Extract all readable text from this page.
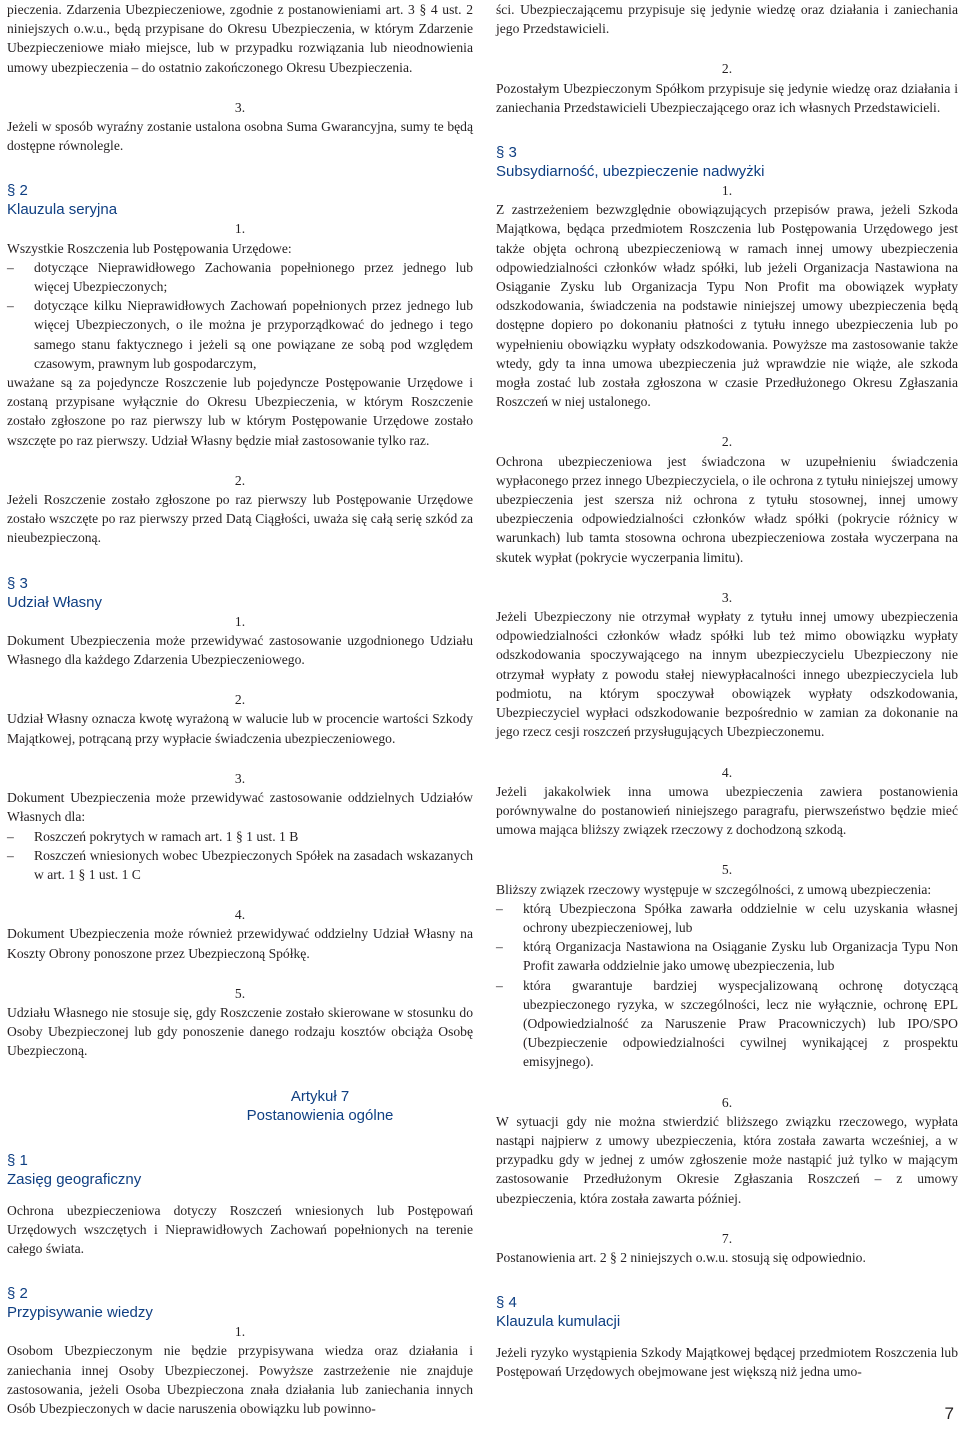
pieczenia. Zdarzenia Ubezpieczeniowe, zgodnie z postanowieniami art. 3 § 4 ust. 2 niniejszych o.w.u., będą przypisane do Okresu Ubezpieczenia, w którym Zdarzenie Ubezpieczeniowe miało miejsce, lub w przypadku rozwiązania lub nieodnowienia umowy ubezpieczenia – do ostatnio zakończonego Okresu Ubezpieczenia.

3.

Jeżeli w sposób wyraźny zostanie ustalona osobna Suma Gwarancyjna, sumy te będą dostępne równolegle.

§ 2

Klauzula seryjna

1.

Wszystkie Roszczenia lub Postępowania Urzędowe:

– dotyczące Nieprawidłowego Zachowania popełnionego przez jednego lub więcej Ubezpieczonych;
– dotyczące kilku Nieprawidłowych Zachowań popełnionych przez jednego lub więcej Ubezpieczonych, o ile można je przyporządkować do jednego i tego samego stanu faktycznego i jeżeli są one powiązane ze sobą pod względem czasowym, prawnym lub gospodarczym,

uważane są za pojedyncze Roszczenie lub pojedyncze Postępowanie Urzędowe i zostaną przypisane wyłącznie do Okresu Ubezpieczenia, w którym Roszczenie zostało zgłoszone po raz pierwszy lub w którym Postępowanie Urzędowe zostało wszczęte po raz pierwszy. Udział Własny będzie miał zastosowanie tylko raz.

2.

Jeżeli Roszczenie zostało zgłoszone po raz pierwszy lub Postępowanie Urzędowe zostało wszczęte po raz pierwszy przed Datą Ciągłości, uważa się całą serię szkód za nieubezpieczoną.

§ 3

Udział Własny

1.

Dokument Ubezpieczenia może przewidywać zastosowanie uzgodnionego Udziału Własnego dla każdego Zdarzenia Ubezpieczeniowego.

2.

Udział Własny oznacza kwotę wyrażoną w walucie lub w procencie wartości Szkody Majątkowej, potrącaną przy wypłacie świadczenia ubezpieczeniowego.

3.

Dokument Ubezpieczenia może przewidywać zastosowanie oddzielnych Udziałów Własnych dla:

– Roszczeń pokrytych w ramach art. 1 § 1 ust. 1 B
– Roszczeń wniesionych wobec Ubezpieczonych Spółek na zasadach wskazanych w art. 1 § 1 ust. 1 C

4.

Dokument Ubezpieczenia może również przewidywać oddzielny Udział Własny na Koszty Obrony ponoszone przez Ubezpieczoną Spółkę.

5.

Udziału Własnego nie stosuje się, gdy Roszczenie zostało skierowane w stosunku do Osoby Ubezpieczonej lub gdy ponoszenie danego rodzaju kosztów obciąża Osobę Ubezpieczoną.

Artykuł 7

Postanowienia ogólne

§ 1

Zasięg geograficzny

Ochrona ubezpieczeniowa dotyczy Roszczeń wniesionych lub Postępowań Urzędowych wszczętych i Nieprawidłowych Zachowań popełnionych na terenie całego świata.

§ 2

Przypisywanie wiedzy

1.

Osobom Ubezpieczonym nie będzie przypisywana wiedza oraz działania i zaniechania innej Osoby Ubezpieczonej. Powyższe zastrzeżenie nie znajduje zastosowania, jeżeli Osoba Ubezpieczona znała działania lub zaniechania innych Osób Ubezpieczonych w dacie naruszenia obowiązku lub powinno-

ści. Ubezpieczającemu przypisuje się jedynie wiedzę oraz działania i zaniechania jego Przedstawicieli.

2.

Pozostałym Ubezpieczonym Spółkom przypisuje się jedynie wiedzę oraz działania i zaniechania Przedstawicieli Ubezpieczającego oraz ich własnych Przedstawicieli.

§ 3

Subsydiarność, ubezpieczenie nadwyżki

1.

Z zastrzeżeniem bezwzględnie obowiązujących przepisów prawa, jeżeli Szkoda Majątkowa, będąca przedmiotem Roszczenia lub Postępowania Urzędowego jest także objęta ochroną ubezpieczeniową w ramach innej umowy ubezpieczenia odpowiedzialności członków władz spółki, lub jeżeli Organizacja Nastawiona na Osiąganie Zysku lub Organizacja Typu Non Profit ma obowiązek wypłaty odszkodowania, świadczenia na podstawie niniejszej umowy ubezpieczenia będą dostępne dopiero po dokonaniu płatności z tytułu innego ubezpieczenia lub po wypełnieniu obowiązku wypłaty odszkodowania. Powyższe ma zastosowanie także wtedy, gdy ta inna umowa ubezpieczenia już wprawdzie nie wiąże, ale szkoda mogła zostać lub została zgłoszona w czasie Przedłużonego Okresu Zgłaszania Roszczeń w niej ustalonego.

2.

Ochrona ubezpieczeniowa jest świadczona w uzupełnieniu świadczenia wypłaconego przez innego Ubezpieczyciela, o ile ochrona z tytułu niniejszej umowy ubezpieczenia jest szersza niż ochrona z tytułu stosownej, innej umowy ubezpieczenia odpowiedzialności członków władz spółki (pokrycie różnicy w warunkach) lub tamta stosowna ochrona ubezpieczeniowa została wyczerpana na skutek wypłat (pokrycie wyczerpania limitu).

3.

Jeżeli Ubezpieczony nie otrzymał wypłaty z tytułu innej umowy ubezpieczenia odpowiedzialności członków władz spółki lub też mimo obowiązku wypłaty odszkodowania spoczywającego na innym ubezpieczycielu Ubezpieczony nie otrzymał wypłaty z powodu stałej niewypłacalności innego ubezpieczyciela lub podmiotu, na którym spoczywał obowiązek wypłaty odszkodowania, Ubezpieczyciel wypłaci odszkodowanie bezpośrednio w zamian za dokonanie na jego rzecz cesji roszczeń przysługujących Ubezpieczonemu.

4.

Jeżeli jakakolwiek inna umowa ubezpieczenia zawiera postanowienia porównywalne do postanowień niniejszego paragrafu, pierwszeństwo będzie mieć umowa mająca bliższy związek rzeczowy z dochodzoną szkodą.

5.

Bliższy związek rzeczowy występuje w szczególności, z umową ubezpieczenia:

– którą Ubezpieczona Spółka zawarła oddzielnie w celu uzyskania własnej ochrony ubezpieczeniowej, lub
– którą Organizacja Nastawiona na Osiąganie Zysku lub Organizacja Typu Non Profit zawarła oddzielnie jako umowę ubezpieczenia, lub
– która gwarantuje bardziej wyspecjalizowaną ochronę dotyczącą ubezpieczonego ryzyka, w szczególności, lecz nie wyłącznie, ochronę EPL (Odpowiedzialność za Naruszenie Praw Pracowniczych) lub IPO/SPO (Ubezpieczenie odpowiedzialności cywilnej wynikającej z prospektu emisyjnego).

6.

W sytuacji gdy nie można stwierdzić bliższego związku rzeczowego, wypłata nastąpi najpierw z umowy ubezpieczenia, która została zawarta wcześniej, a w przypadku gdy w jednej z umów zgłoszenie może nastąpić już tylko w mającym zastosowanie Przedłużonym Okresie Zgłaszania Roszczeń – z umowy ubezpieczenia, która została zawarta później.

7.

Postanowienia art. 2 § 2 niniejszych o.w.u. stosują się odpowiednio.

§ 4

Klauzula kumulacji

Jeżeli ryzyko wystąpienia Szkody Majątkowej będącej przedmiotem Roszczenia lub Postępowań Urzędowych obejmowane jest większą niż jedna umo-

7
